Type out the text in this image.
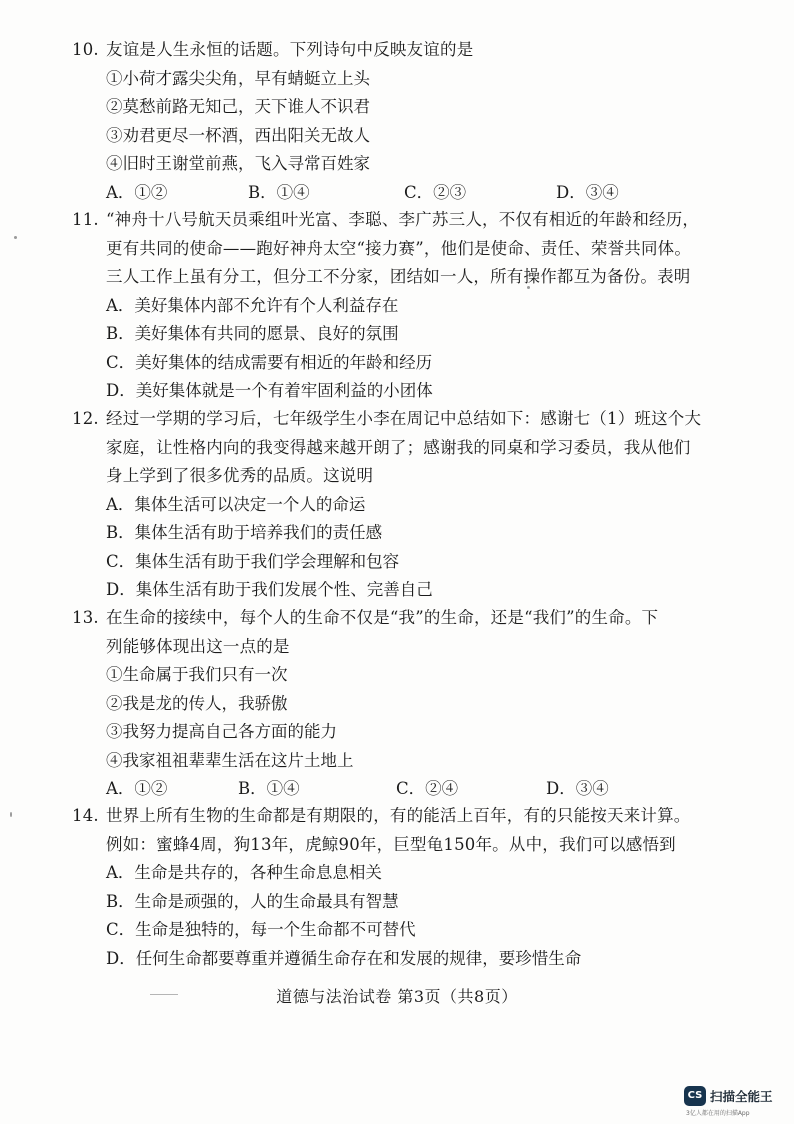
10. 友谊是人生永恒的话题。下列诗句中反映友谊的是
①小荷才露尖尖角，早有蜻蜓立上头
②莫愁前路无知己，天下谁人不识君
③劝君更尽一杯酒，西出阳关无故人
④旧时王谢堂前燕，飞入寻常百姓家
A．①②	B．①④	C．②③	D．③④
11. “神舟十八号航天员乘组叶光富、李聪、李广苏三人，不仅有相近的年龄和经历，
更有共同的使命——跑好神舟太空“接力赛”，他们是使命、责任、荣誉共同体。
三人工作上虽有分工，但分工不分家，团结如一人，所有操作都互为备份。表明
A．美好集体内部不允许有个人利益存在
B．美好集体有共同的愿景、良好的氛围
C．美好集体的结成需要有相近的年龄和经历
D．美好集体就是一个有着牢固利益的小团体
12. 经过一学期的学习后，七年级学生小李在周记中总结如下：感谢七（1）班这个大
家庭，让性格内向的我变得越来越开朗了；感谢我的同桌和学习委员，我从他们
身上学到了很多优秀的品质。这说明
A．集体生活可以决定一个人的命运
B．集体生活有助于培养我们的责任感
C．集体生活有助于我们学会理解和包容
D．集体生活有助于我们发展个性、完善自己
13. 在生命的接续中，每个人的生命不仅是“我”的生命，还是“我们”的生命。下
列能够体现出这一点的是
①生命属于我们只有一次
②我是龙的传人，我骄傲
③我努力提高自己各方面的能力
④我家祖祖辈辈生活在这片土地上
A．①②	B．①④	C．②④	D．③④
14. 世界上所有生物的生命都是有期限的，有的能活上百年，有的只能按天来计算。
例如：蜜蜂4周，狗13年，虎鲸90年，巨型龟150年。从中，我们可以感悟到
A．生命是共存的，各种生命息息相关
B．生命是顽强的，人的生命最具有智慧
C．生命是独特的，每一个生命都不可替代
D．任何生命都要尊重并遵循生命存在和发展的规律，要珍惜生命
道德与法治试卷 第3页（共8页）
CS 扫描全能王
3亿人都在用的扫描App
